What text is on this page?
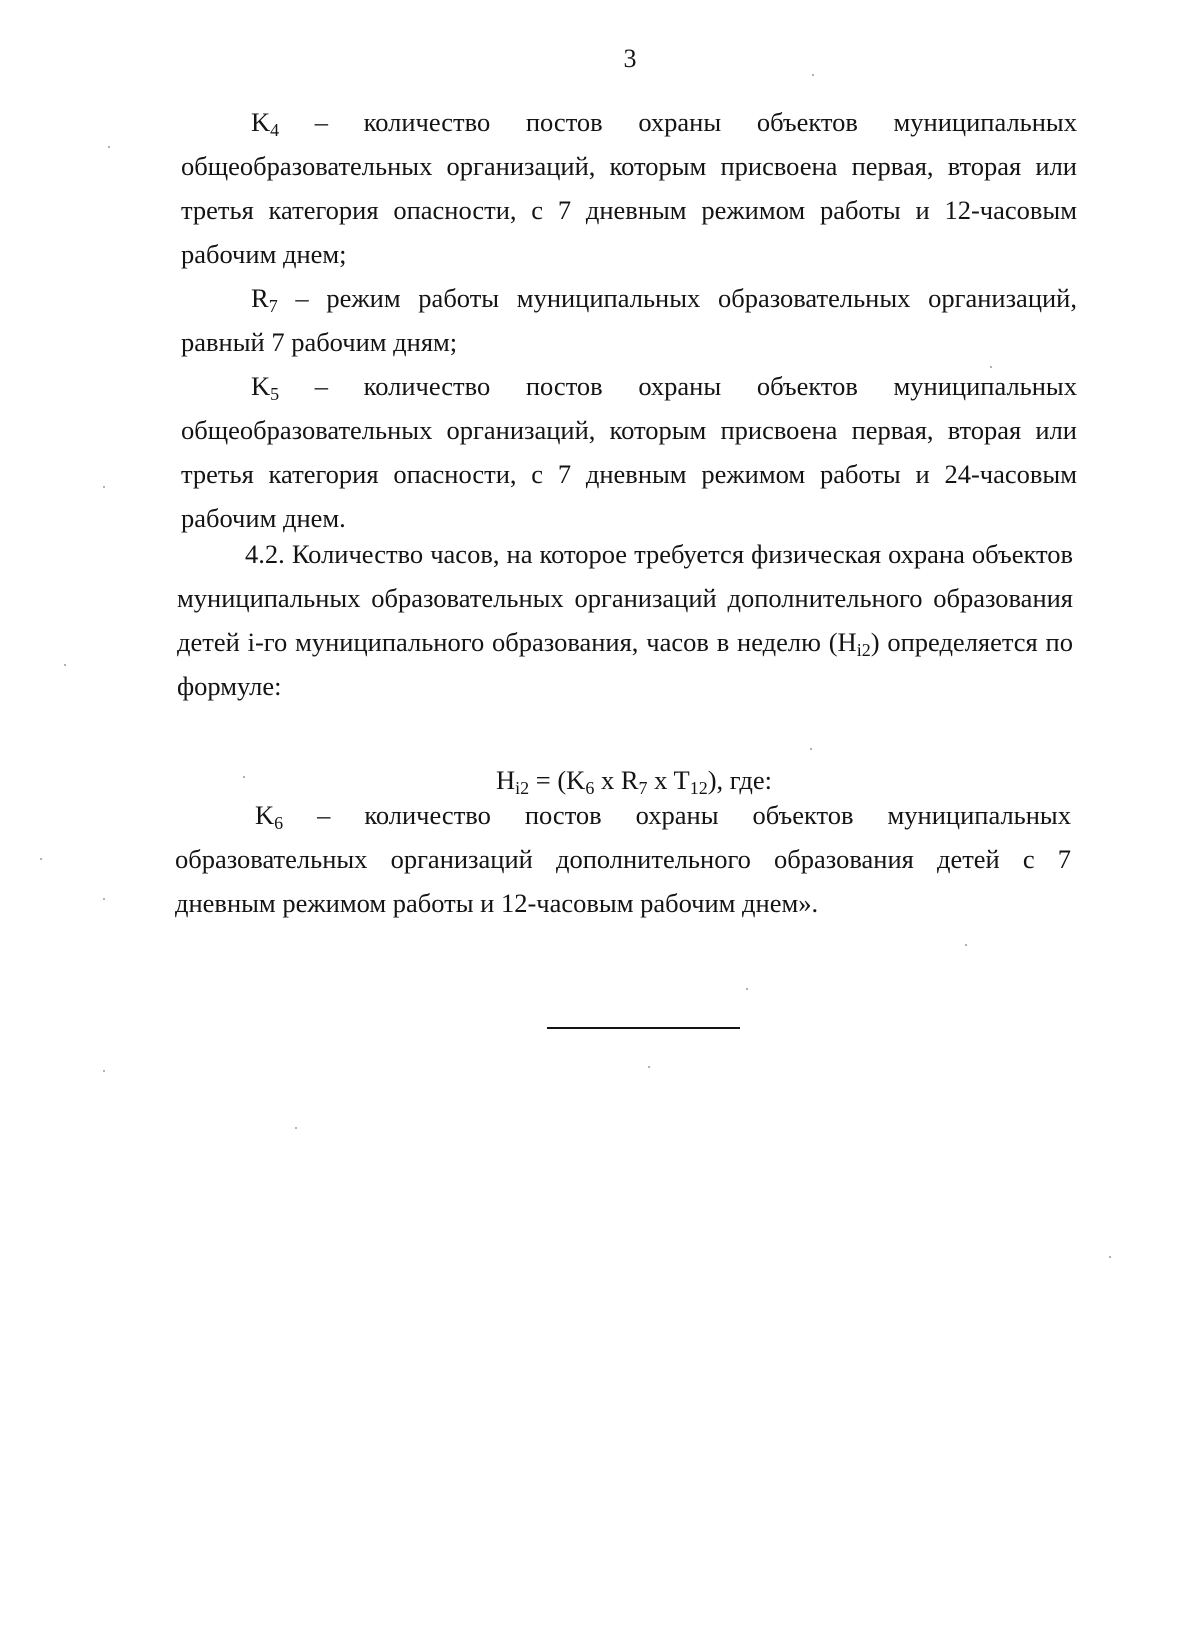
3

$K_4$ – количество постов охраны объектов муниципальных общеобразовательных организаций, которым присвоена первая, вторая или третья категория опасности, с 7 дневным режимом работы и 12-часовым рабочим днем;

$R_7$ – режим работы муниципальных образовательных организаций, равный 7 рабочим дням;

$K_5$ – количество постов охраны объектов муниципальных общеобразовательных организаций, которым присвоена первая, вторая или третья категория опасности, с 7 дневным режимом работы и 24-часовым рабочим днем.

4.2. Количество часов, на которое требуется физическая охрана объектов муниципальных образовательных организаций дополнительного образования детей i-го муниципального образования, часов в неделю $(H_{i2})$ определяется по формуле:

$H_{i2} = (K_6$ x $R_7$ x $T_{12}$), где:

$K_6$ – количество постов охраны объектов муниципальных образовательных организаций дополнительного образования детей с 7 дневным режимом работы и 12-часовым рабочим днем».
